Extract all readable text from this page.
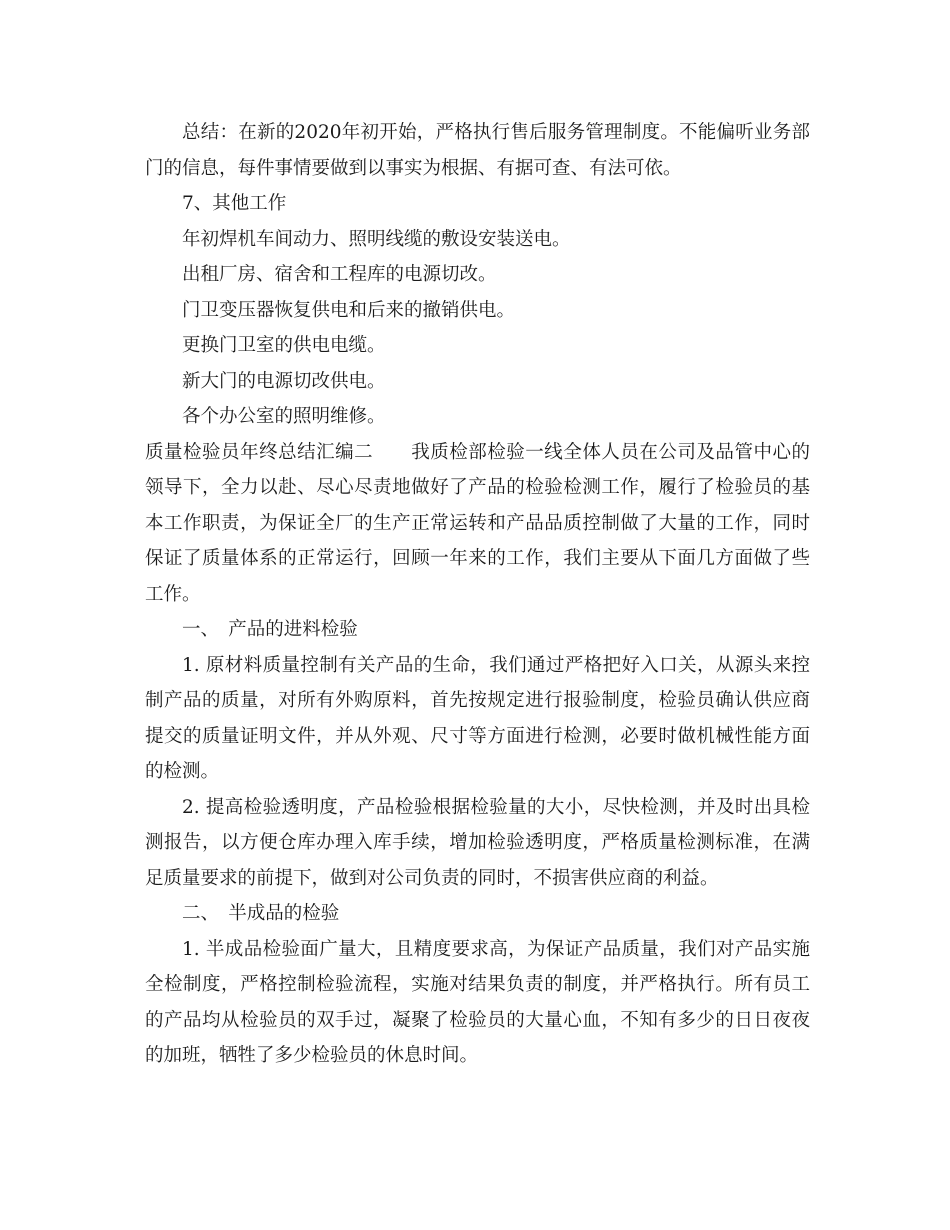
总结：在新的2020年初开始，严格执行售后服务管理制度。不能偏听业务部门的信息，每件事情要做到以事实为根据、有据可查、有法可依。

7、其他工作

年初焊机车间动力、照明线缆的敷设安装送电。

出租厂房、宿舍和工程库的电源切改。

门卫变压器恢复供电和后来的撤销供电。

更换门卫室的供电电缆。

新大门的电源切改供电。

各个办公室的照明维修。

质量检验员年终总结汇编二　　我质检部检验一线全体人员在公司及品管中心的领导下，全力以赴、尽心尽责地做好了产品的检验检测工作，履行了检验员的基本工作职责，为保证全厂的生产正常运转和产品品质控制做了大量的工作，同时保证了质量体系的正常运行，回顾一年来的工作，我们主要从下面几方面做了些工作。

一、　产品的进料检验

1. 原材料质量控制有关产品的生命，我们通过严格把好入口关，从源头来控制产品的质量，对所有外购原料，首先按规定进行报验制度，检验员确认供应商提交的质量证明文件，并从外观、尺寸等方面进行检测，必要时做机械性能方面的检测。

2. 提高检验透明度，产品检验根据检验量的大小，尽快检测，并及时出具检测报告，以方便仓库办理入库手续，增加检验透明度，严格质量检测标准，在满足质量要求的前提下，做到对公司负责的同时，不损害供应商的利益。

二、　半成品的检验

1. 半成品检验面广量大，且精度要求高，为保证产品质量，我们对产品实施全检制度，严格控制检验流程，实施对结果负责的制度，并严格执行。所有员工的产品均从检验员的双手过，凝聚了检验员的大量心血，不知有多少的日日夜夜的加班，牺牲了多少检验员的休息时间。
